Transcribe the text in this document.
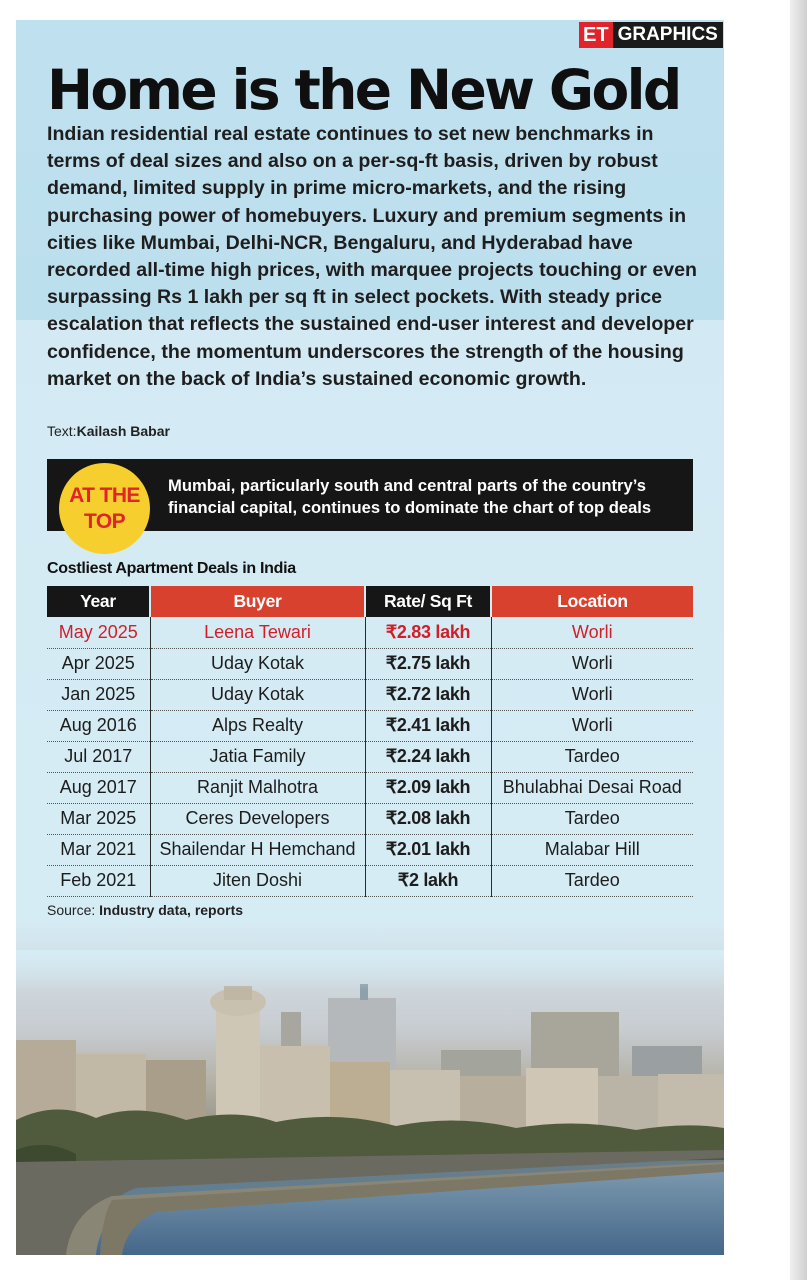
ET GRAPHICS
Home is the New Gold
Indian residential real estate continues to set new benchmarks in terms of deal sizes and also on a per-sq-ft basis, driven by robust demand, limited supply in prime micro-markets, and the rising purchasing power of homebuyers. Luxury and premium segments in cities like Mumbai, Delhi-NCR, Bengaluru, and Hyderabad have recorded all-time high prices, with marquee projects touching or even surpassing Rs 1 lakh per sq ft in select pockets. With steady price escalation that reflects the sustained end-user interest and developer confidence, the momentum underscores the strength of the housing market on the back of India’s sustained economic growth.
Text:Kailash Babar
AT THE
TOP
Mumbai, particularly south and central parts of the country’s financial capital, continues to dominate the chart of top deals
Costliest Apartment Deals in India
Year	Buyer	Rate/ Sq Ft	Location
May 2025	Leena Tewari	₹2.83 lakh	Worli
Apr 2025	Uday Kotak	₹2.75 lakh	Worli
Jan 2025	Uday Kotak	₹2.72 lakh	Worli
Aug 2016	Alps Realty	₹2.41 lakh	Worli
Jul 2017	Jatia Family	₹2.24 lakh	Tardeo
Aug 2017	Ranjit Malhotra	₹2.09 lakh	Bhulabhai Desai Road
Mar 2025	Ceres Developers	₹2.08 lakh	Tardeo
Mar 2021	Shailendar H Hemchand	₹2.01 lakh	Malabar Hill
Feb 2021	Jiten Doshi	₹2 lakh	Tardeo
Source: Industry data, reports
